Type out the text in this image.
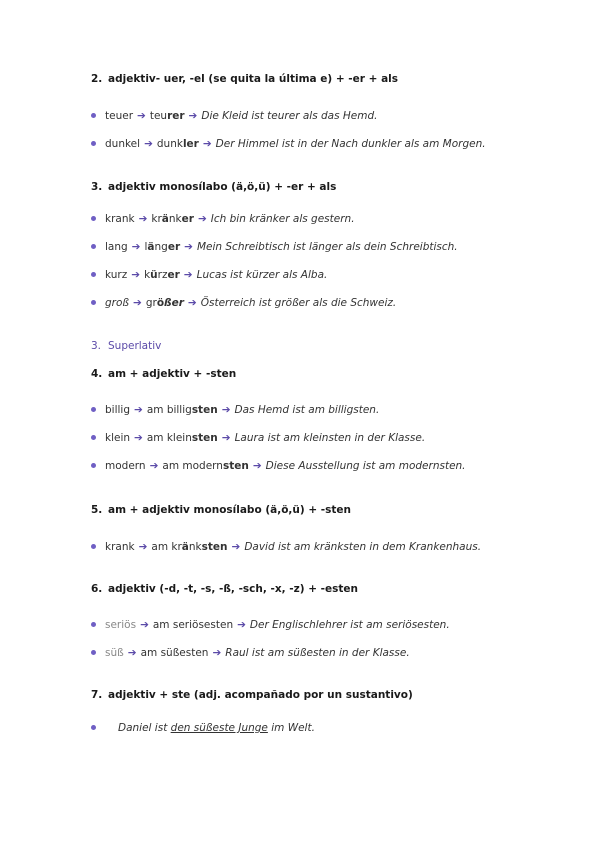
2. adjektiv- uer, -el (se quita la última e) + -er + als
teuer ➔ teurer ➔ Die Kleid ist teurer als das Hemd.
dunkel ➔ dunkler ➔ Der Himmel ist in der Nach dunkler als am Morgen.
3. adjektiv monosílabo (ä,ö,ü) + -er + als
krank ➔ kränker ➔ Ich bin kränker als gestern.
lang ➔ länger ➔ Mein Schreibtisch ist länger als dein Schreibtisch.
kurz ➔ kürzer ➔ Lucas ist kürzer als Alba.
groß ➔ größer ➔ Österreich ist größer als die Schweiz.
3. Superlativ
4. am + adjektiv + -sten
billig ➔ am billigsten ➔ Das Hemd ist am billigsten.
klein ➔ am kleinsten ➔ Laura ist am kleinsten in der Klasse.
modern ➔ am modernsten ➔ Diese Ausstellung ist am modernsten.
5. am + adjektiv monosílabo (ä,ö,ü) + -sten
krank ➔ am kränksten ➔ David ist am kränksten in dem Krankenhaus.
6. adjektiv (-d, -t, -s, -ß, -sch, -x, -z) + -esten
seriös ➔ am seriösesten ➔ Der Englischlehrer ist am seriösesten.
süß ➔ am süßesten ➔ Raul ist am süßesten in der Klasse.
7. adjektiv + ste (adj. acompañado por un sustantivo)
Daniel ist den süßeste Junge im Welt.
